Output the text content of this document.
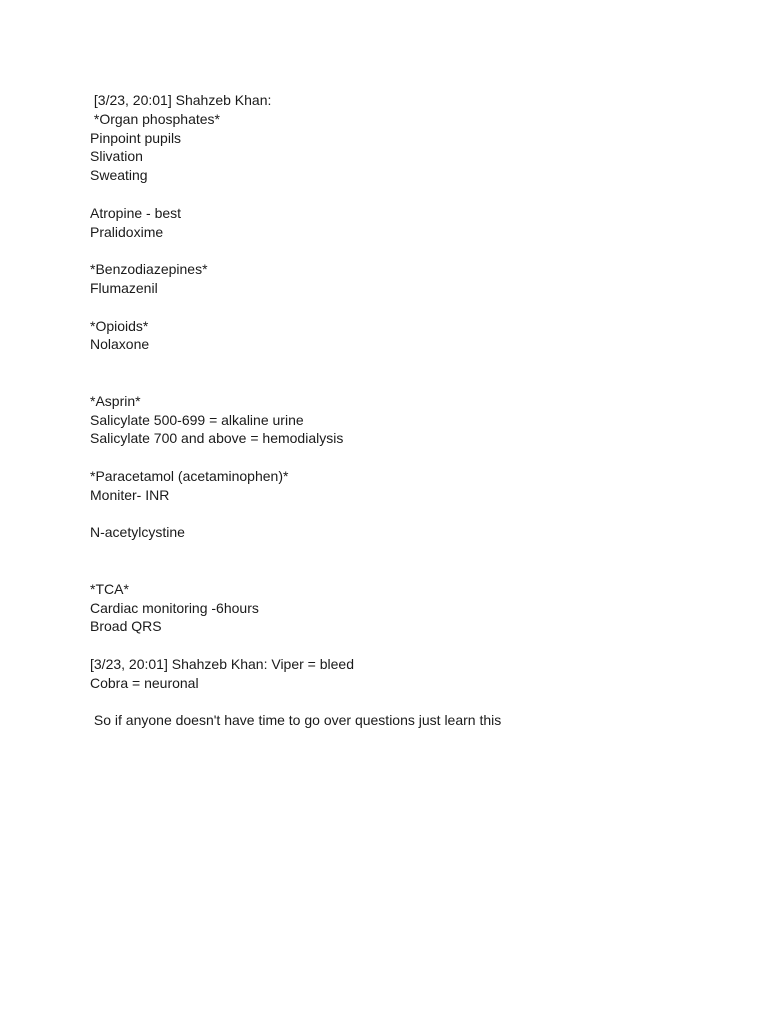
[3/23, 20:01] Shahzeb Khan:
*Organ phosphates*
Pinpoint pupils
Slivation
Sweating
Atropine - best
Pralidoxime
*Benzodiazepines*
Flumazenil
*Opioids*
Nolaxone
*Asprin*
Salicylate 500-699 = alkaline urine
Salicylate 700 and above = hemodialysis
*Paracetamol (acetaminophen)*
Moniter- INR
N-acetylcystine
*TCA*
Cardiac monitoring -6hours
Broad QRS
[3/23, 20:01] Shahzeb Khan: Viper = bleed
Cobra = neuronal
So if anyone doesn't have time to go over questions just learn this
